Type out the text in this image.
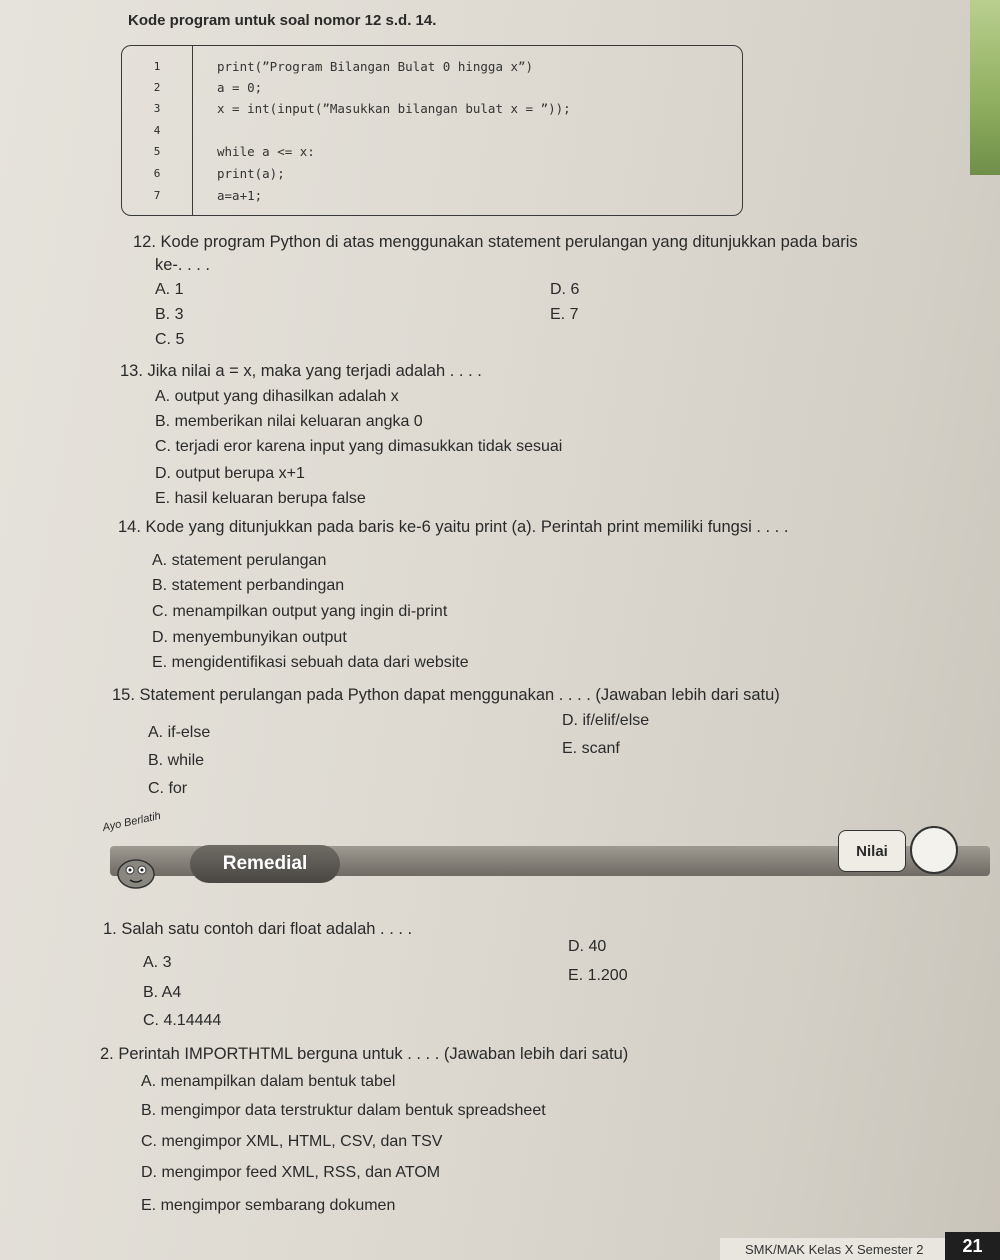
Kode program untuk soal nomor 12 s.d. 14.
1	print(”Program Bilangan Bulat 0 hingga x”)
2	a = 0;
3	x = int(input(”Masukkan bilangan bulat x = ”));
4
5	while a <= x:
6	print(a);
7	a=a+1;
12. Kode program Python di atas menggunakan statement perulangan yang ditunjukkan pada baris
ke-. . . .
A. 1
B. 3
C. 5
D. 6
E. 7
13. Jika nilai a = x, maka yang terjadi adalah . . . .
A. output yang dihasilkan adalah x
B. memberikan nilai keluaran angka 0
C. terjadi eror karena input yang dimasukkan tidak sesuai
D. output berupa x+1
E. hasil keluaran berupa false
14. Kode yang ditunjukkan pada baris ke-6 yaitu print (a). Perintah print memiliki fungsi . . . .
A. statement perulangan
B. statement perbandingan
C. menampilkan output yang ingin di-print
D. menyembunyikan output
E. mengidentifikasi sebuah data dari website
15. Statement perulangan pada Python dapat menggunakan . . . . (Jawaban lebih dari satu)
A. if-else
B. while
C. for
D. if/elif/else
E. scanf
Ayo Berlatih
Remedial
Nilai
1. Salah satu contoh dari float adalah . . . .
A. 3
B. A4
C. 4.14444
D. 40
E. 1.200
2. Perintah IMPORTHTML berguna untuk . . . . (Jawaban lebih dari satu)
A. menampilkan dalam bentuk tabel
B. mengimpor data terstruktur dalam bentuk spreadsheet
C. mengimpor XML, HTML, CSV, dan TSV
D. mengimpor feed XML, RSS, dan ATOM
E. mengimpor sembarang dokumen
SMK/MAK Kelas X Semester 2	21
